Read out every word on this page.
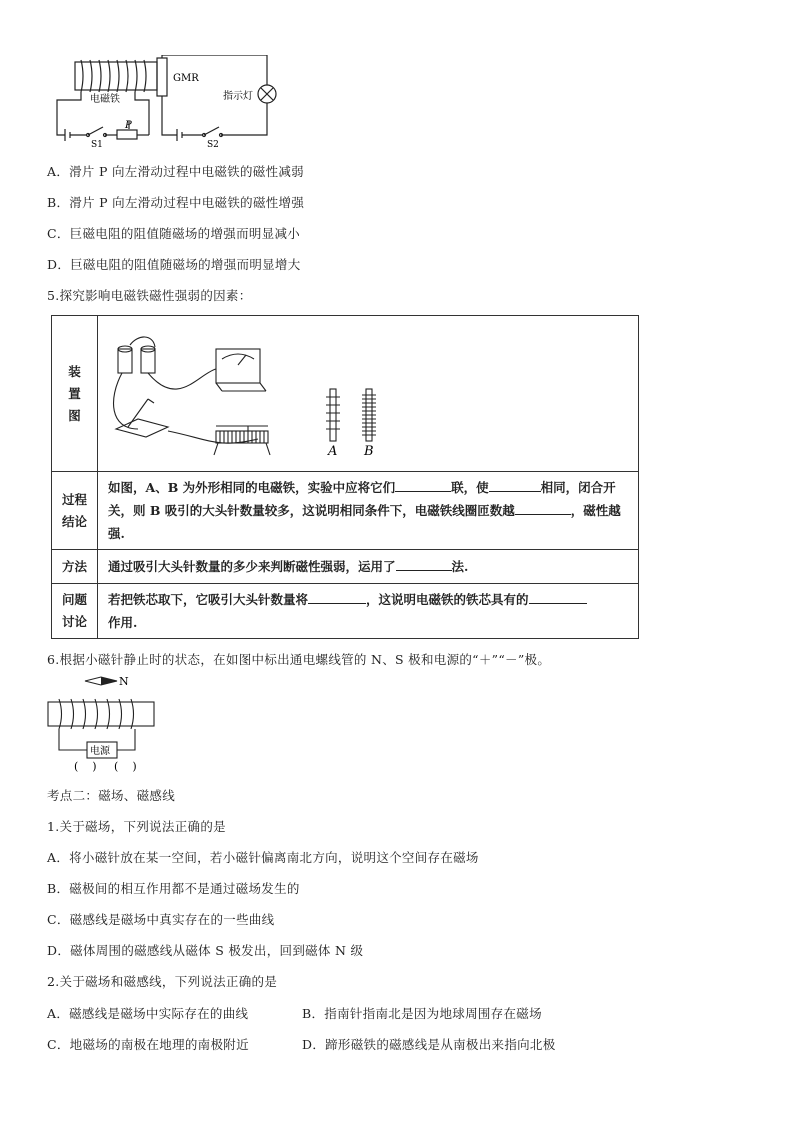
电磁铁
GMR
指示灯
P
S1	S2
A．滑片 P 向左滑动过程中电磁铁的磁性减弱
B．滑片 P 向左滑动过程中电磁铁的磁性增强
C．巨磁电阻的阻值随磁场的增强而明显减小
D．巨磁电阻的阻值随磁场的增强而明显增大
5.探究影响电磁铁磁性强弱的因素：
装
置
图	A B

过程
结论	如图，A、B 为外形相同的电磁铁，实验中应将它们 联，使 相同，闭合开关，则 B 吸引的大头针数量较多，这说明相同条件下，电磁铁线圈匝数越 ，磁性越强.
方法	通过吸引大头针数量的多少来判断磁性强弱，运用了 法.
问题
讨论	若把铁芯取下，它吸引大头针数量将 ，这说明电磁铁的铁芯具有的
作用.
6.根据小磁针静止时的状态，在如图中标出通电螺线管的 N、S 极和电源的“＋”“－”极。
N
电源
(    )     (    )
考点二：磁场、磁感线
1.关于磁场，下列说法正确的是
A．将小磁针放在某一空间，若小磁针偏离南北方向，说明这个空间存在磁场
B．磁极间的相互作用都不是通过磁场发生的
C．磁感线是磁场中真实存在的一些曲线
D．磁体周围的磁感线从磁体 S 极发出，回到磁体 N 级
2.关于磁场和磁感线，下列说法正确的是
A．磁感线是磁场中实际存在的曲线	B．指南针指南北是因为地球周围存在磁场
C．地磁场的南极在地理的南极附近	D．蹄形磁铁的磁感线是从南极出来指向北极
